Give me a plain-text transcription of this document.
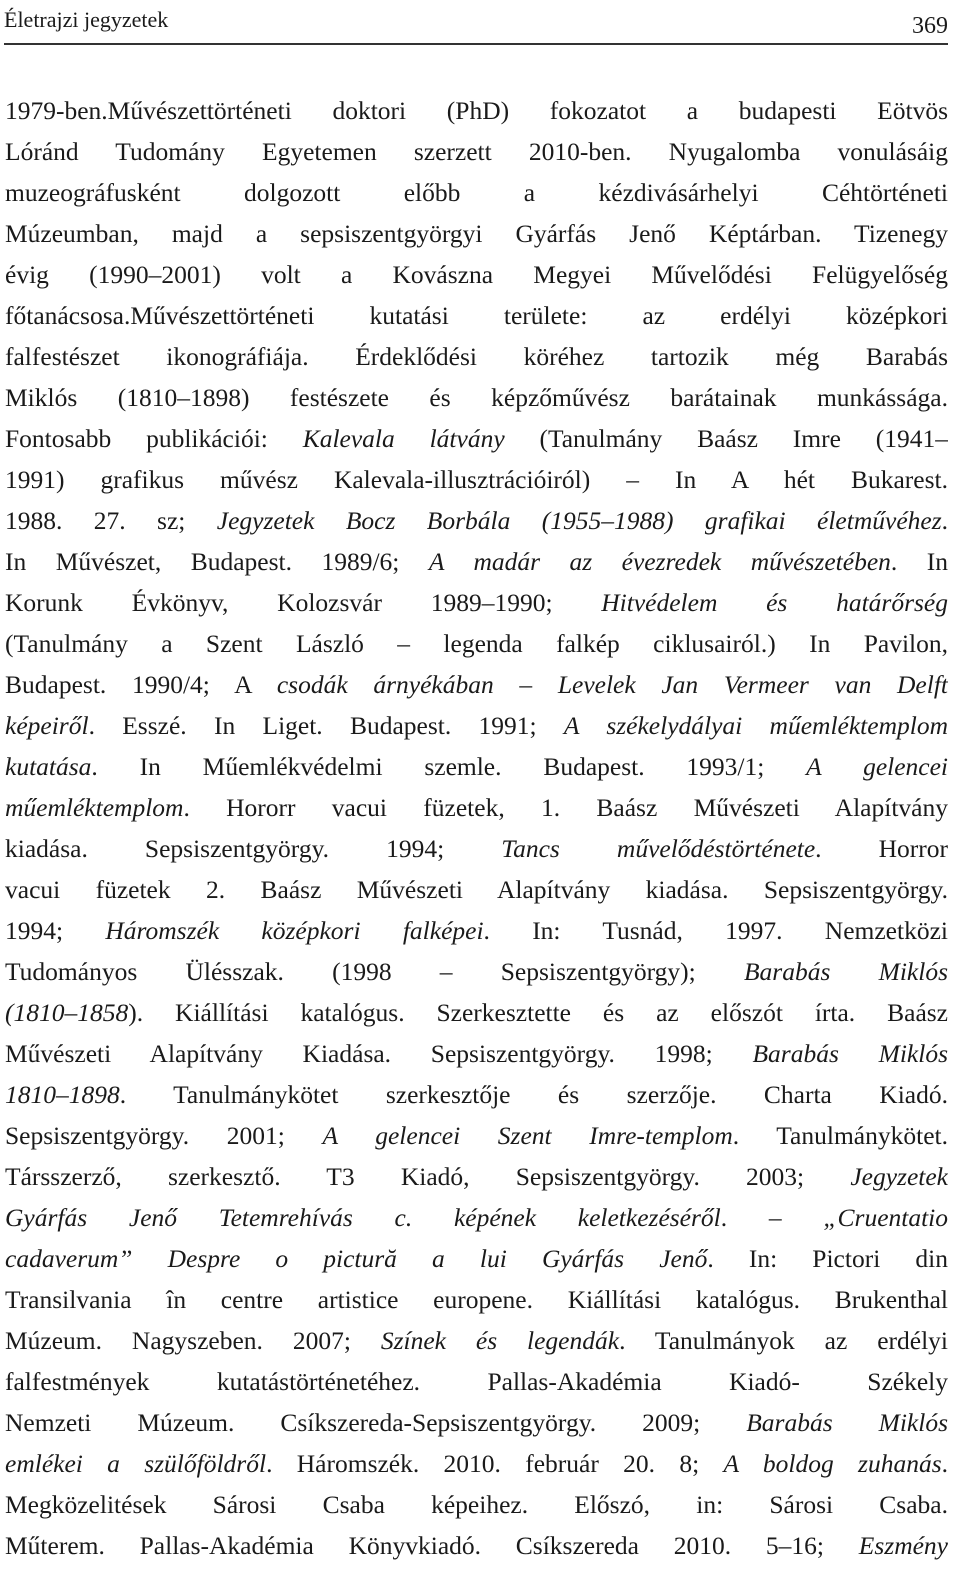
Életrajzi jegyzetek	369
1979-ben.Művészettörténeti doktori (PhD) fokozatot a budapesti Eötvös
Lóránd Tudomány Egyetemen szerzett 2010-ben. Nyugalomba vonulásáig
muzeográfusként dolgozott előbb a kézdivásárhelyi Céhtörténeti
Múzeumban, majd a sepsiszentgyörgyi Gyárfás Jenő Képtárban. Tizenegy
évig (1990–2001) volt a Kovászna Megyei Művelődési Felügyelőség
főtanácsosa.Művészettörténeti kutatási területe: az erdélyi középkori
falfestészet ikonográfiája. Érdeklődési köréhez tartozik még Barabás
Miklós (1810–1898) festészete és képzőművész barátainak munkássága.
Fontosabb publikációi: Kalevala látvány (Tanulmány Baász Imre (1941–
1991) grafikus művész Kalevala-illusztrációiról) – In A hét Bukarest.
1988. 27. sz; Jegyzetek Bocz Borbála (1955–1988) grafikai életművéhez.
In Művészet, Budapest. 1989/6; A madár az évezredek művészetében. In
Korunk Évkönyv, Kolozsvár 1989–1990; Hitvédelem és határőrség
(Tanulmány a Szent László – legenda falkép ciklusairól.) In Pavilon,
Budapest. 1990/4; A csodák árnyékában – Levelek Jan Vermeer van Delft
képeiről. Esszé. In Liget. Budapest. 1991; A székelydályai műemléktemplom
kutatása. In Műemlékvédelmi szemle. Budapest. 1993/1; A gelencei
műemléktemplom. Hororr vacui füzetek, 1. Baász Művészeti Alapítvány
kiadása. Sepsiszentgyörgy. 1994; Tancs művelődéstörténete. Horror
vacui füzetek 2. Baász Művészeti Alapítvány kiadása. Sepsiszentgyörgy.
1994; Háromszék középkori falképei. In: Tusnád, 1997. Nemzetközi
Tudományos Ülésszak. (1998 – Sepsiszentgyörgy); Barabás Miklós
(1810–1858). Kiállítási katalógus. Szerkesztette és az előszót írta. Baász
Művészeti Alapítvány Kiadása. Sepsiszentgyörgy. 1998; Barabás Miklós
1810–1898. Tanulmánykötet szerkesztője és szerzője. Charta Kiadó.
Sepsiszentgyörgy. 2001; A gelencei Szent Imre-templom. Tanulmánykötet.
Társszerző, szerkesztő. T3 Kiadó, Sepsiszentgyörgy. 2003; Jegyzetek
Gyárfás Jenő Tetemrehívás c. képének keletkezéséről. – „Cruentatio
cadaverum” Despre o pictură a lui Gyárfás Jenő. In: Pictori din
Transilvania în centre artistice europene. Kiállítási katalógus. Brukenthal
Múzeum. Nagyszeben. 2007; Színek és legendák. Tanulmányok az erdélyi
falfestmények kutatástörténetéhez. Pallas-Akadémia Kiadó- Székely
Nemzeti Múzeum. Csíkszereda-Sepsiszentgyörgy. 2009; Barabás Miklós
emlékei a szülőföldről. Háromszék. 2010. február 20. 8; A boldog zuhanás.
Megközelitések Sárosi Csaba képeihez. Előszó, in: Sárosi Csaba.
Műterem. Pallas-Akadémia Könyvkiadó. Csíkszereda 2010. 5–16; Eszmény
